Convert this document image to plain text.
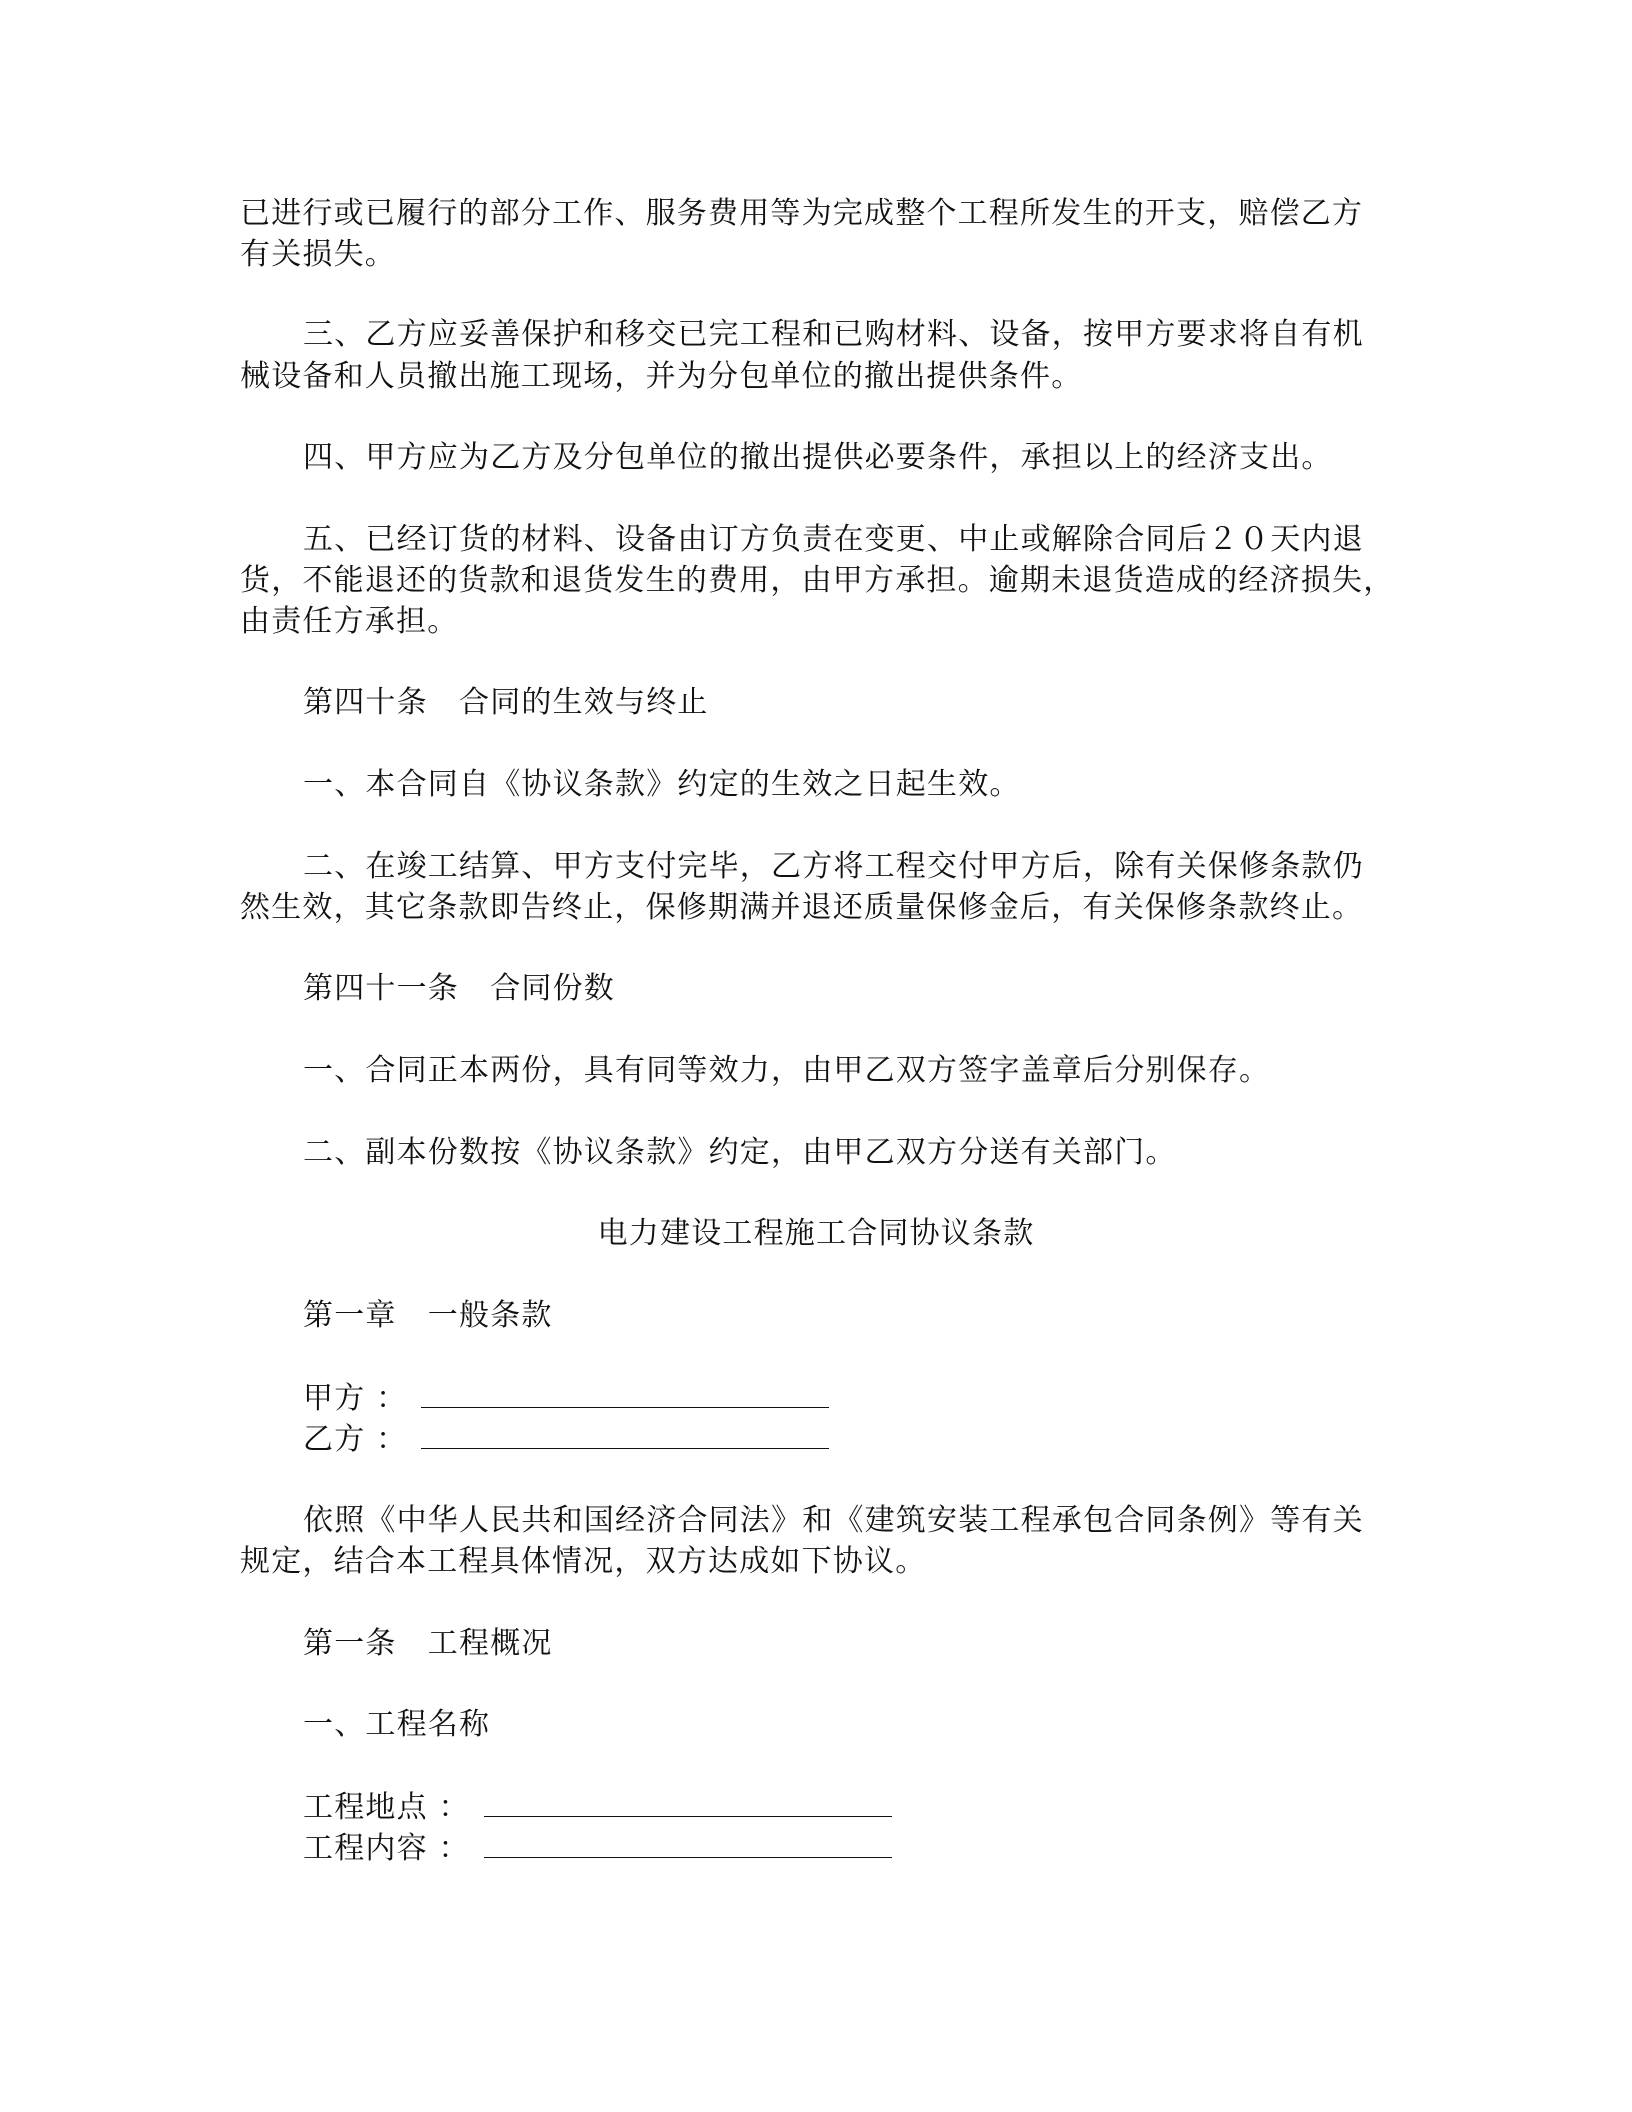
已进行或已履行的部分工作、服务费用等为完成整个工程所发生的开支，赔偿乙方
有关损失。
三、乙方应妥善保护和移交已完工程和已购材料、设备，按甲方要求将自有机
械设备和人员撤出施工现场，并为分包单位的撤出提供条件。
四、甲方应为乙方及分包单位的撤出提供必要条件，承担以上的经济支出。
五、已经订货的材料、设备由订方负责在变更、中止或解除合同后２０天内退
货，不能退还的货款和退货发生的费用，由甲方承担。逾期未退货造成的经济损失，
由责任方承担。
第四十条　合同的生效与终止
一、本合同自《协议条款》约定的生效之日起生效。
二、在竣工结算、甲方支付完毕，乙方将工程交付甲方后，除有关保修条款仍
然生效，其它条款即告终止，保修期满并退还质量保修金后，有关保修条款终止。
第四十一条　合同份数
一、合同正本两份，具有同等效力，由甲乙双方签字盖章后分别保存。
二、副本份数按《协议条款》约定，由甲乙双方分送有关部门。
电力建设工程施工合同协议条款
第一章　一般条款
甲方 ：
乙方 ：
依照《中华人民共和国经济合同法》和《建筑安装工程承包合同条例》等有关
规定，结合本工程具体情况，双方达成如下协议。
第一条　工程概况
一、工程名称
工程地点 ：
工程内容 ：
